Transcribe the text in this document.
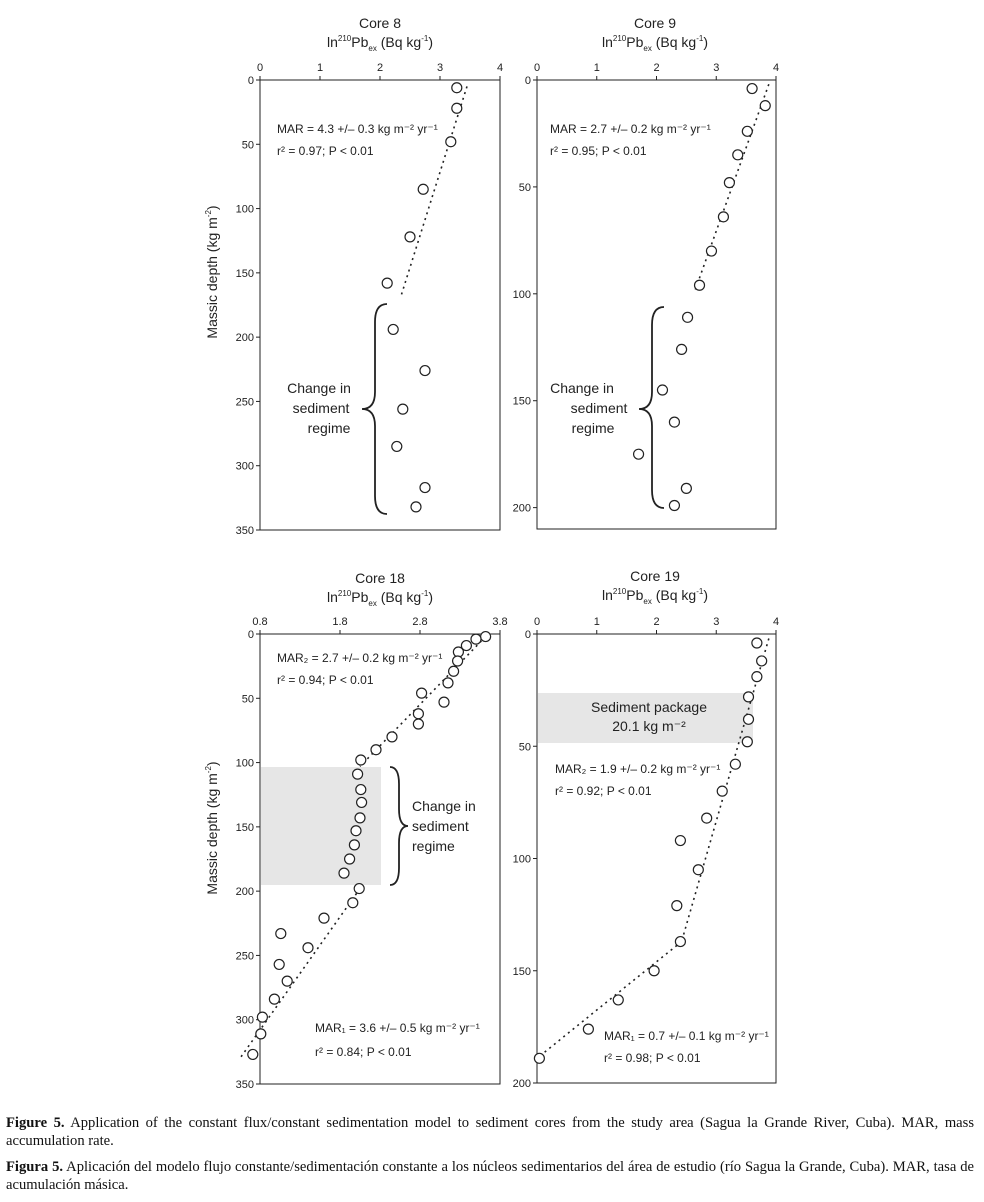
Core 8
$\ln^{210}Pb_{ex}$ (Bq $kg^{-1}$)
Massic depth (kg $m^{-2}$)
0	1	2	3	4
0
50
100
150
200
250
300
350
Change in
sediment
regime
MAR = 4.3 +/– 0.3 kg m⁻² yr⁻¹
r² = 0.97; P < 0.01
Core 9
$\ln^{210}Pb_{ex}$ (Bq $kg^{-1}$)
0	1	2	3	4
0
50
100
150
200
Change in
sediment
regime
MAR = 2.7 +/– 0.2 kg m⁻² yr⁻¹
r² = 0.95; P < 0.01
Core 18
$\ln^{210}Pb_{ex}$ (Bq $kg^{-1}$)
Massic depth (kg $m^{-2}$)
0.8	1.8	2.8	3.8
0
50
100
150
200
250
300
350
Change in
sediment
regime
MAR₂ = 2.7 +/– 0.2 kg m⁻² yr⁻¹
r² = 0.94; P < 0.01
MAR₁ = 3.6 +/– 0.5 kg m⁻² yr⁻¹
r² = 0.84; P < 0.01
Core 19
$\ln^{210}Pb_{ex}$ (Bq $kg^{-1}$)
0	1	2	3	4
0
50
100
150
200
Sediment package
20.1 kg m⁻²
MAR₂ = 1.9 +/– 0.2 kg m⁻² yr⁻¹
r² = 0.92; P < 0.01
MAR₁ = 0.7 +/– 0.1 kg m⁻² yr⁻¹
r² = 0.98; P < 0.01
Figure 5. Application of the constant flux/constant sedimentation model to sediment cores from the study area (Sagua la Grande River, Cuba). MAR, mass accumulation rate.
Figura 5. Aplicación del modelo flujo constante/sedimentación constante a los núcleos sedimentarios del área de estudio (río Sagua la Grande, Cuba). MAR, tasa de acumulación másica.
